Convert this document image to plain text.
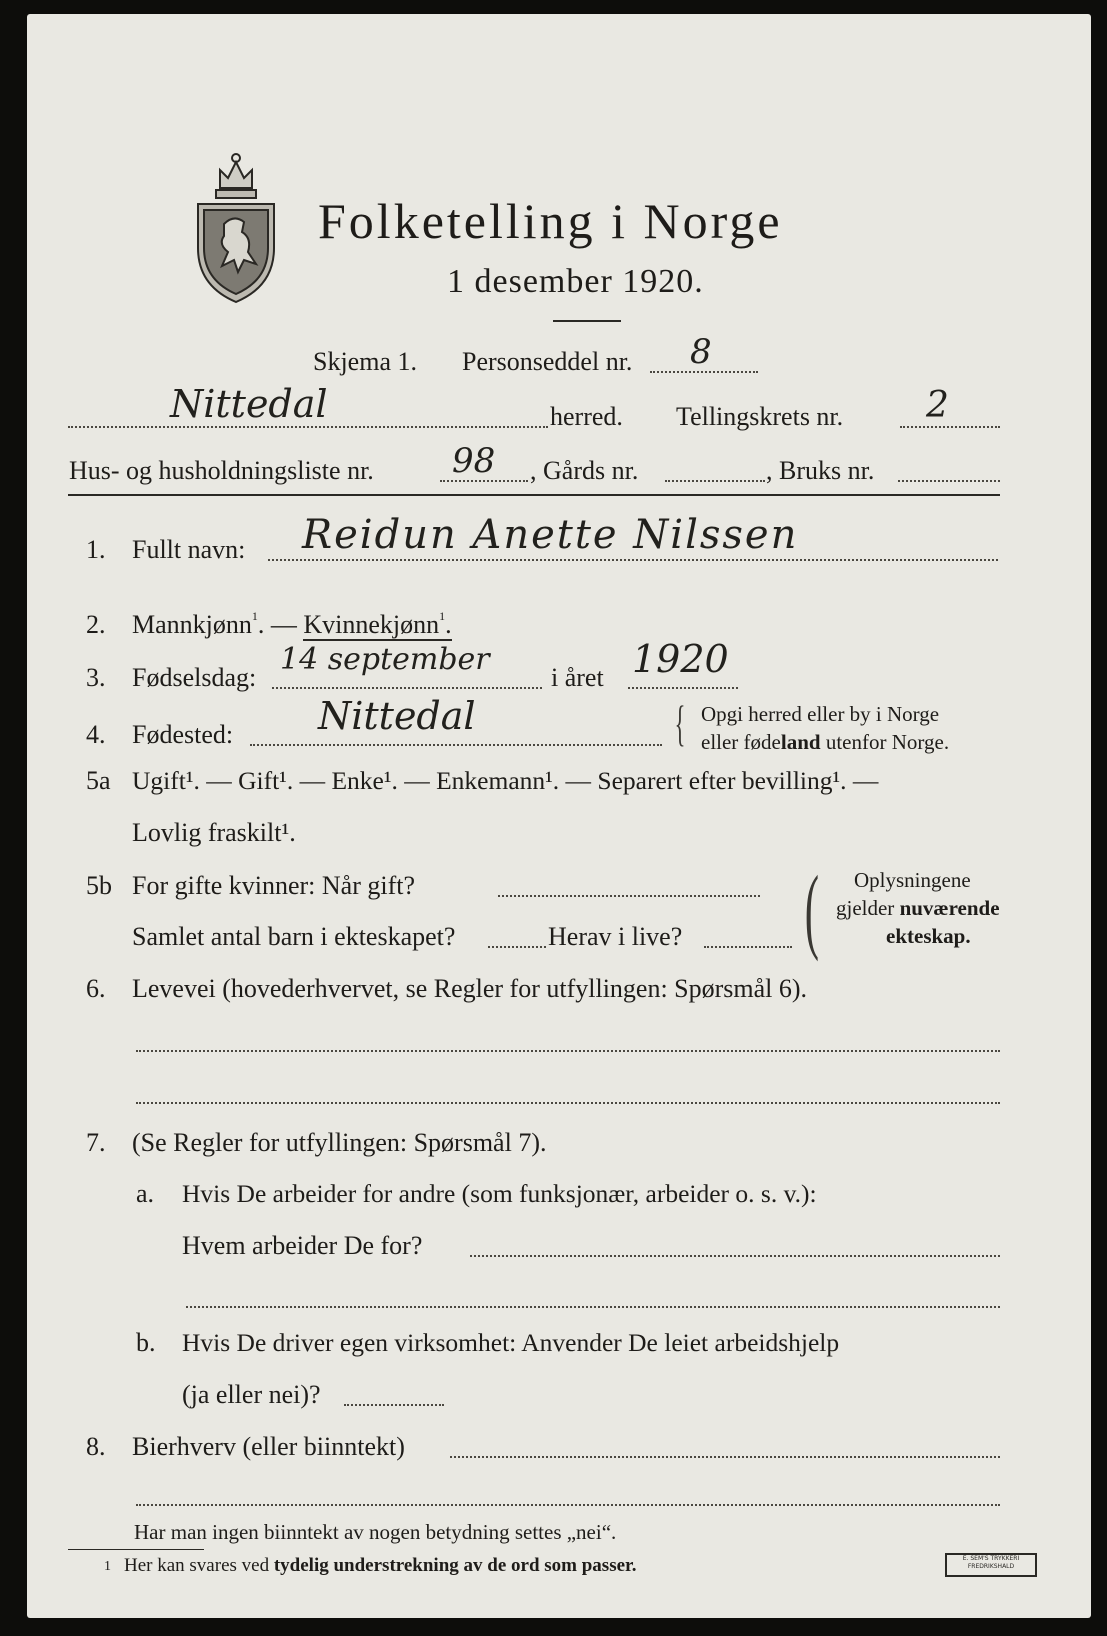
Folketelling i Norge
1 desember 1920.
Skjema 1. Personseddel nr. 8
Nittedal	herred. Tellingskrets nr. 2
Hus- og husholdningsliste nr. 98 , Gårds nr.	, Bruks nr.
1. Fullt navn: Reidun Anette Nilssen
2. Mannkjønn$^1$. — Kvinnekjønn$^1$.
3. Fødselsdag:
14 september
i året 1920
4. Fødested: Nittedal	{ Opgi herred eller by i Norge
eller fødeland utenfor Norge.
5a Ugift¹. — Gift¹. — Enke¹. — Enkemann¹. — Separert efter bevilling¹. —
Lovlig fraskilt¹.
5b For gifte kvinner: Når gift?
Samlet antal barn i ekteskapet?	Herav i live? ( Oplysningene
gjelder nuværende
ekteskap.
6. Levevei (hovederhvervet, se Regler for utfyllingen: Spørsmål 6).
7. (Se Regler for utfyllingen: Spørsmål 7).
a. Hvis De arbeider for andre (som funksjonær, arbeider o. s. v.):
Hvem arbeider De for?
b. Hvis De driver egen virksomhet: Anvender De leiet arbeidshjelp
(ja eller nei)?
8. Bierhverv (eller biinntekt)
Har man ingen biinntekt av nogen betydning settes „nei“.
1 Her kan svares ved tydelig understrekning av de ord som passer.	E. SEM'S TRYKKERI
FREDRIKSHALD
